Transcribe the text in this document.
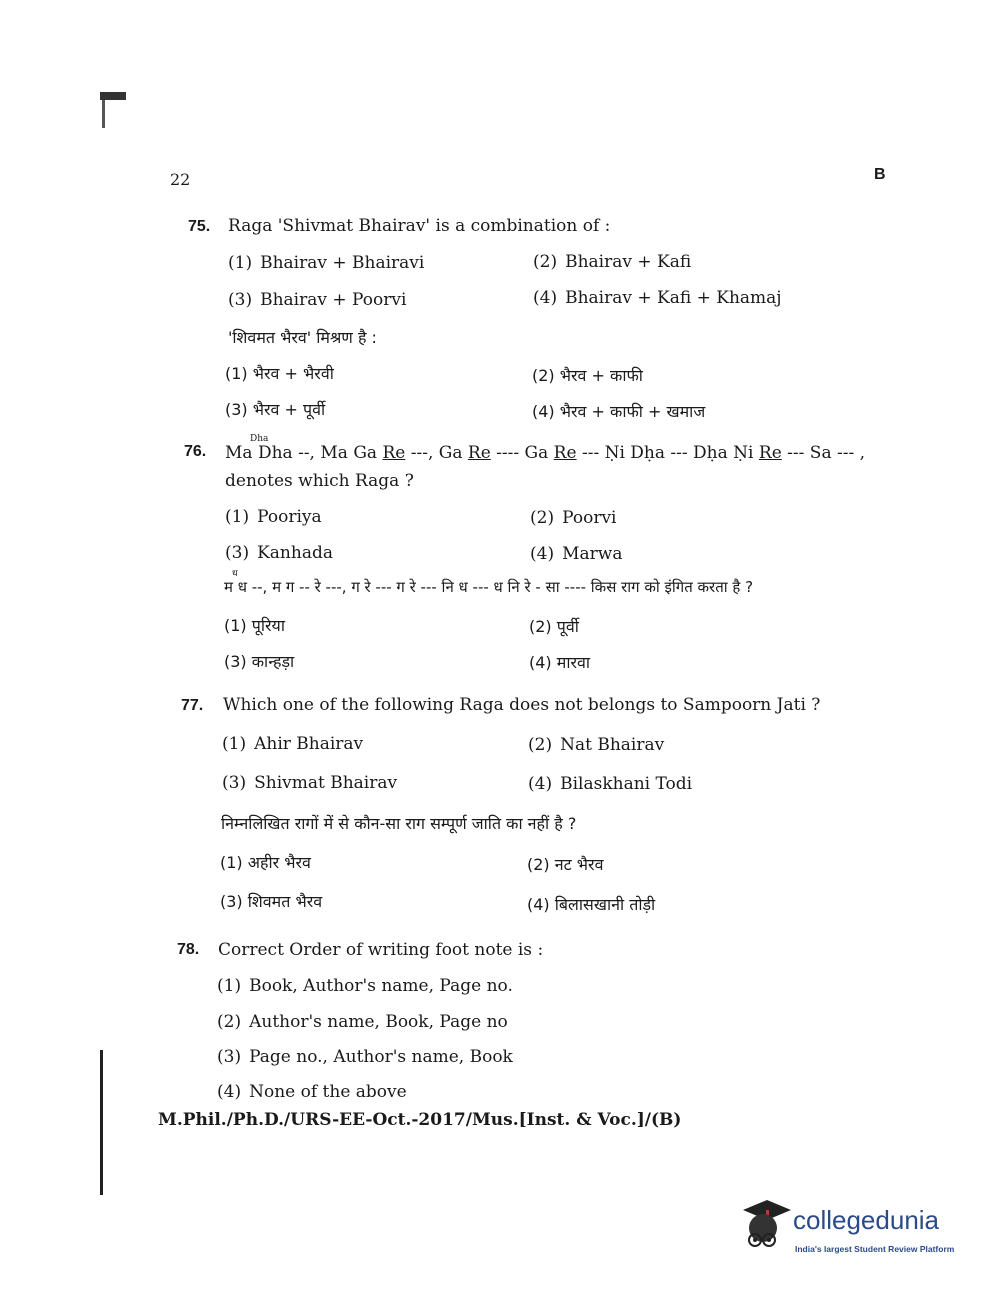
22	B
75. Raga 'Shivmat Bhairav' is a combination of :
(1) Bhairav + Bhairavi	(2) Bhairav + Kafi
(3) Bhairav + Poorvi	(4) Bhairav + Kafi + Khamaj
'शिवमत भैरव' मिश्रण है :
(1) भैरव + भैरवी	(2) भैरव + काफी
(3) भैरव + पूर्वी	(4) भैरव + काफी + खमाज
76.
Dha
Ma Dha --, Ma Ga Re ---, Ga Re ---- Ga Re --- Ṇi Dḥa --- Dḥa Ṇi Re --- Sa --- ,
denotes which Raga ?
(1) Pooriya	(2) Poorvi
(3) Kanhada	(4) Marwa
ध
म ध --, म ग -- रे ---, ग रे --- ग रे --- नि ध --- ध नि रे - सा ---- किस राग को इंगित करता है ?
(1) पूरिया	(2) पूर्वी
(3) कान्हड़ा	(4) मारवा
77. Which one of the following Raga does not belongs to Sampoorn Jati ?
(1) Ahir Bhairav	(2) Nat Bhairav
(3) Shivmat Bhairav	(4) Bilaskhani Todi
निम्नलिखित रागों में से कौन-सा राग सम्पूर्ण जाति का नहीं है ?
(1) अहीर भैरव	(2) नट भैरव
(3) शिवमत भैरव	(4) बिलासखानी तोड़ी
78. Correct Order of writing foot note is :
(1) Book, Author's name, Page no.
(2) Author's name, Book, Page no
(3) Page no., Author's name, Book
(4) None of the above
M.Phil./Ph.D./URS-EE-Oct.-2017/Mus.[Inst. & Voc.]/(B)
collegedunia
India's largest Student Review Platform
